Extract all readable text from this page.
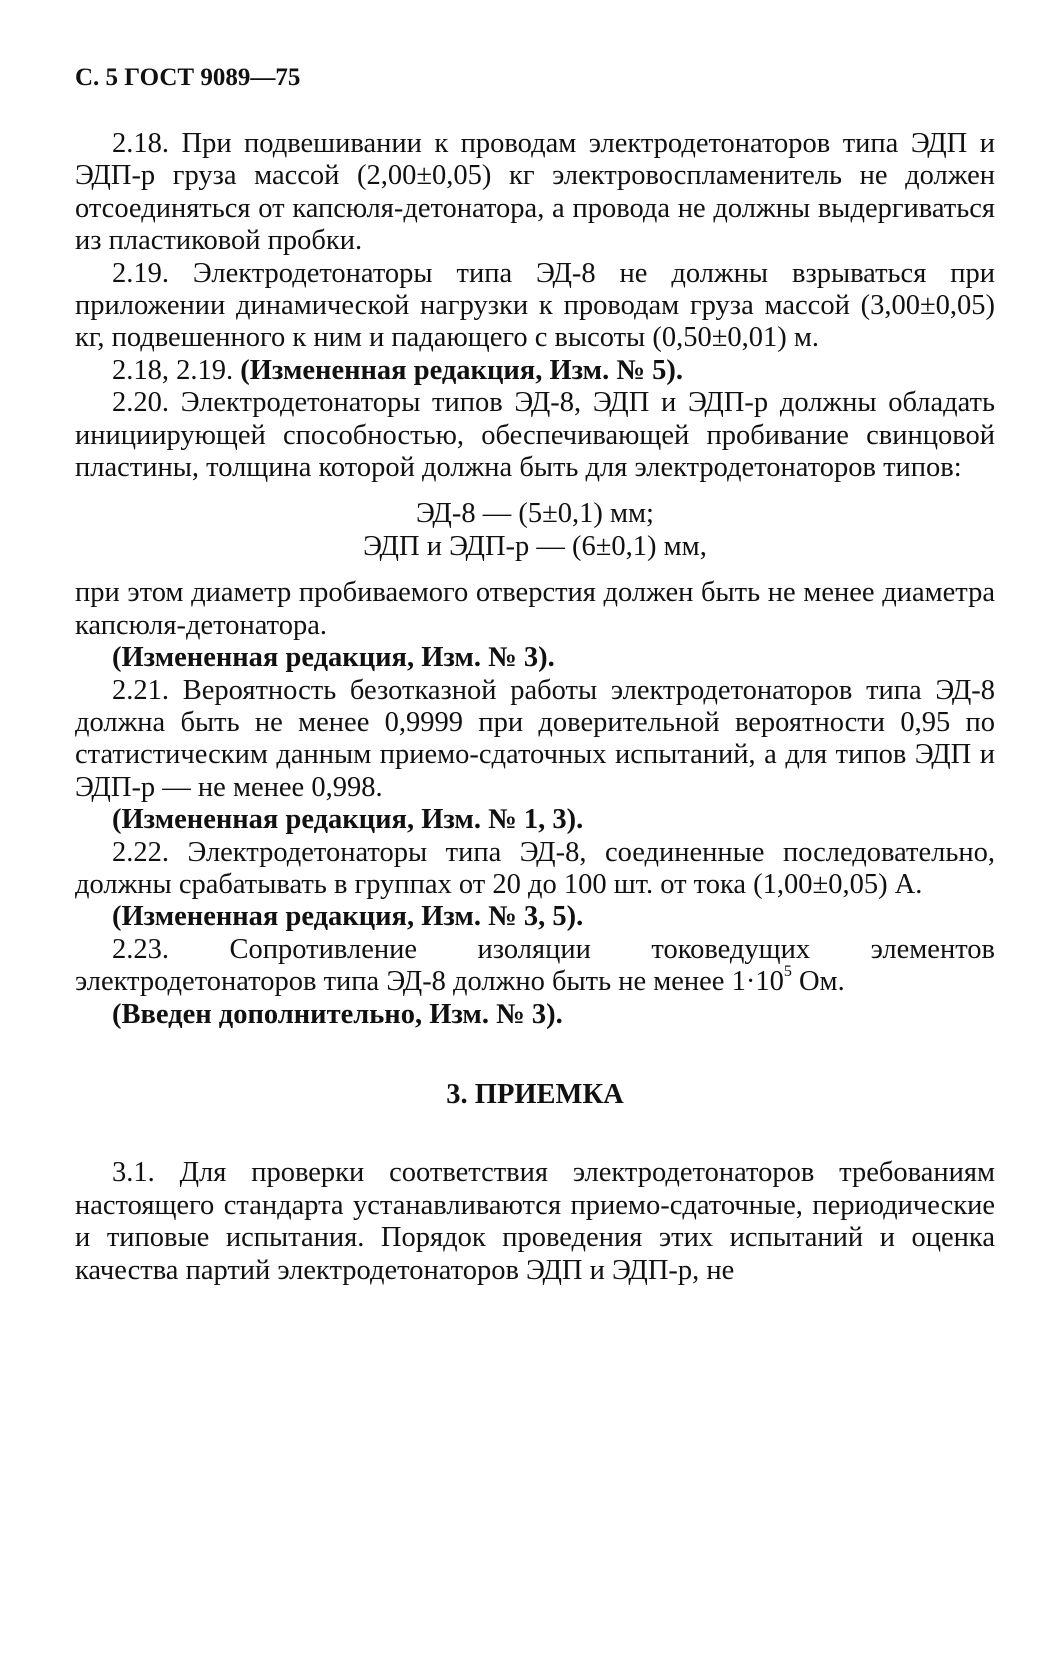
С. 5 ГОСТ 9089—75

2.18. При подвешивании к проводам электродетонаторов типа ЭДП и ЭДП-р груза массой (2,00±0,05) кг электровоспламенитель не должен отсоединяться от капсюля-детонатора, а провода не должны выдергиваться из пластиковой пробки.

2.19. Электродетонаторы типа ЭД-8 не должны взрываться при приложении динамической нагрузки к проводам груза массой (3,00±0,05) кг, подвешенного к ним и падающего с высоты (0,50±0,01) м.

2.18, 2.19. (Измененная редакция, Изм. № 5).

2.20. Электродетонаторы типов ЭД-8, ЭДП и ЭДП-р должны обладать инициирующей способностью, обеспечивающей пробивание свинцовой пластины, толщина которой должна быть для электродетонаторов типов:

ЭД-8 — (5±0,1) мм;

ЭДП и ЭДП-р — (6±0,1) мм,

при этом диаметр пробиваемого отверстия должен быть не менее диаметра капсюля-детонатора.

(Измененная редакция, Изм. № 3).

2.21. Вероятность безотказной работы электродетонаторов типа ЭД-8 должна быть не менее 0,9999 при доверительной вероятности 0,95 по статистическим данным приемо-сдаточных испытаний, а для типов ЭДП и ЭДП-р — не менее 0,998.

(Измененная редакция, Изм. № 1, 3).

2.22. Электродетонаторы типа ЭД-8, соединенные последовательно, должны срабатывать в группах от 20 до 100 шт. от тока (1,00±0,05) А.

(Измененная редакция, Изм. № 3, 5).

2.23. Сопротивление изоляции токоведущих элементов электродетонаторов типа ЭД-8 должно быть не менее $1\cdot 10^5$ Ом.

(Введен дополнительно, Изм. № 3).

3. ПРИЕМКА

3.1. Для проверки соответствия электродетонаторов требованиям настоящего стандарта устанавливаются приемо-сдаточные, периодические и типовые испытания. Порядок проведения этих испытаний и оценка качества партий электродетонаторов ЭДП и ЭДП-р, не
